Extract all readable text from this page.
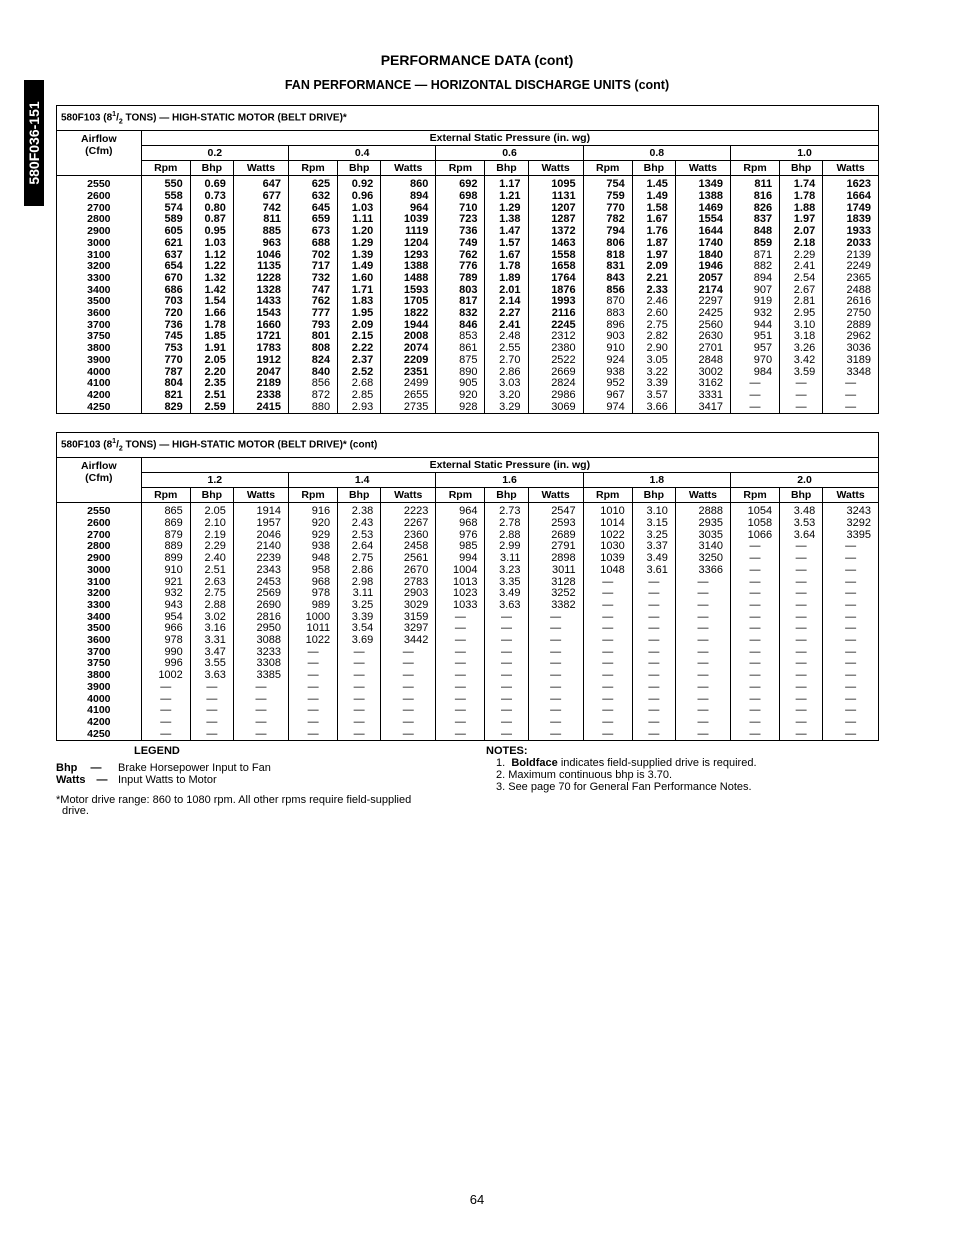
580F036-151
PERFORMANCE DATA (cont)
FAN PERFORMANCE — HORIZONTAL DISCHARGE UNITS (cont)
580F103 ($8^1/_2$ TONS) — HIGH-STATIC MOTOR (BELT DRIVE)*															

Airflow
(Cfm)	External Static Pressure (in. wg)														
	0.2			0.4			0.6			0.8			1.0		
	Rpm	Bhp	Watts	Rpm	Bhp	Watts	Rpm	Bhp	Watts	Rpm	Bhp	Watts	Rpm	Bhp	Watts
2550	550	0.69	647	625	0.92	860	692	1.17	1095	754	1.45	1349	811	1.74	1623
2600	558	0.73	677	632	0.96	894	698	1.21	1131	759	1.49	1388	816	1.78	1664
2700	574	0.80	742	645	1.03	964	710	1.29	1207	770	1.58	1469	826	1.88	1749
2800	589	0.87	811	659	1.11	1039	723	1.38	1287	782	1.67	1554	837	1.97	1839
2900	605	0.95	885	673	1.20	1119	736	1.47	1372	794	1.76	1644	848	2.07	1933
3000	621	1.03	963	688	1.29	1204	749	1.57	1463	806	1.87	1740	859	2.18	2033
3100	637	1.12	1046	702	1.39	1293	762	1.67	1558	818	1.97	1840	871	2.29	2139
3200	654	1.22	1135	717	1.49	1388	776	1.78	1658	831	2.09	1946	882	2.41	2249
3300	670	1.32	1228	732	1.60	1488	789	1.89	1764	843	2.21	2057	894	2.54	2365
3400	686	1.42	1328	747	1.71	1593	803	2.01	1876	856	2.33	2174	907	2.67	2488
3500	703	1.54	1433	762	1.83	1705	817	2.14	1993	870	2.46	2297	919	2.81	2616
3600	720	1.66	1543	777	1.95	1822	832	2.27	2116	883	2.60	2425	932	2.95	2750
3700	736	1.78	1660	793	2.09	1944	846	2.41	2245	896	2.75	2560	944	3.10	2889
3750	745	1.85	1721	801	2.15	2008	853	2.48	2312	903	2.82	2630	951	3.18	2962
3800	753	1.91	1783	808	2.22	2074	861	2.55	2380	910	2.90	2701	957	3.26	3036
3900	770	2.05	1912	824	2.37	2209	875	2.70	2522	924	3.05	2848	970	3.42	3189
4000	787	2.20	2047	840	2.52	2351	890	2.86	2669	938	3.22	3002	984	3.59	3348
4100	804	2.35	2189	856	2.68	2499	905	3.03	2824	952	3.39	3162	—	—	—
4200	821	2.51	2338	872	2.85	2655	920	3.20	2986	967	3.57	3331	—	—	—
4250	829	2.59	2415	880	2.93	2735	928	3.29	3069	974	3.66	3417	—	—	—
580F103 ($8^1/_2$ TONS) — HIGH-STATIC MOTOR (BELT DRIVE)* (cont)															

Airflow
(Cfm)	External Static Pressure (in. wg)														
	1.2			1.4			1.6			1.8			2.0		
	Rpm	Bhp	Watts	Rpm	Bhp	Watts	Rpm	Bhp	Watts	Rpm	Bhp	Watts	Rpm	Bhp	Watts
2550	865	2.05	1914	916	2.38	2223	964	2.73	2547	1010	3.10	2888	1054	3.48	3243
2600	869	2.10	1957	920	2.43	2267	968	2.78	2593	1014	3.15	2935	1058	3.53	3292
2700	879	2.19	2046	929	2.53	2360	976	2.88	2689	1022	3.25	3035	1066	3.64	3395
2800	889	2.29	2140	938	2.64	2458	985	2.99	2791	1030	3.37	3140	—	—	—
2900	899	2.40	2239	948	2.75	2561	994	3.11	2898	1039	3.49	3250	—	—	—
3000	910	2.51	2343	958	2.86	2670	1004	3.23	3011	1048	3.61	3366	—	—	—
3100	921	2.63	2453	968	2.98	2783	1013	3.35	3128	—	—	—	—	—	—
3200	932	2.75	2569	978	3.11	2903	1023	3.49	3252	—	—	—	—	—	—
3300	943	2.88	2690	989	3.25	3029	1033	3.63	3382	—	—	—	—	—	—
3400	954	3.02	2816	1000	3.39	3159	—	—	—	—	—	—	—	—	—
3500	966	3.16	2950	1011	3.54	3297	—	—	—	—	—	—	—	—	—
3600	978	3.31	3088	1022	3.69	3442	—	—	—	—	—	—	—	—	—
3700	990	3.47	3233	—	—	—	—	—	—	—	—	—	—	—	—
3750	996	3.55	3308	—	—	—	—	—	—	—	—	—	—	—	—
3800	1002	3.63	3385	—	—	—	—	—	—	—	—	—	—	—	—
3900	—	—	—	—	—	—	—	—	—	—	—	—	—	—	—
4000	—	—	—	—	—	—	—	—	—	—	—	—	—	—	—
4100	—	—	—	—	—	—	—	—	—	—	—	—	—	—	—
4200	—	—	—	—	—	—	—	—	—	—	—	—	—	—	—
4250	—	—	—	—	—	—	—	—	—	—	—	—	—	—	—
LEGEND
Bhp	—	Brake Horsepower Input to Fan
Watts — Input Watts to Motor
*Motor drive range: 860 to 1080 rpm. All other rpms require field-supplied
drive.
NOTES:
1. Boldface indicates field-supplied drive is required.
2. Maximum continuous bhp is 3.70.
3. See page 70 for General Fan Performance Notes.
64
